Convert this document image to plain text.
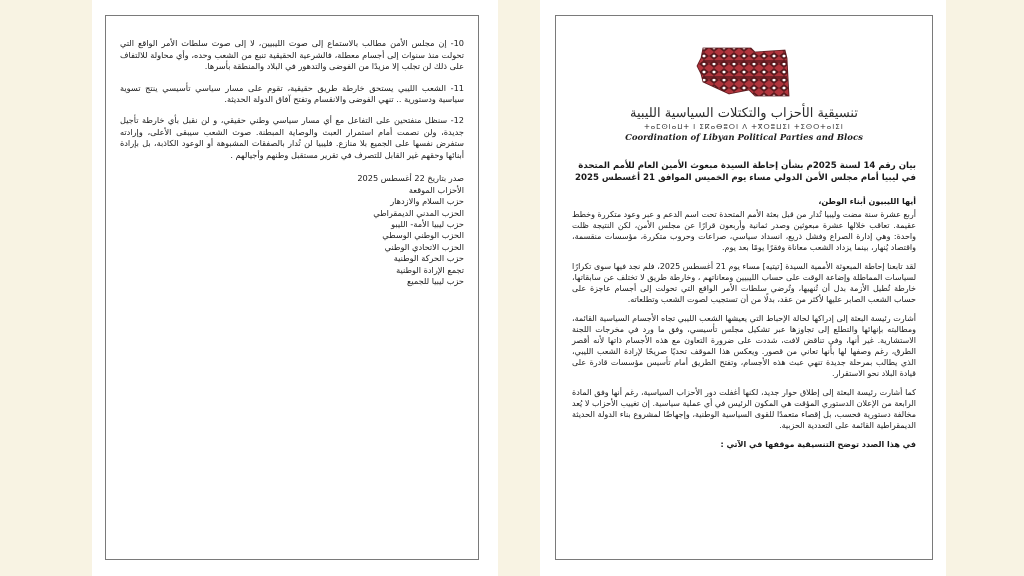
10- إن مجلس الأمن مطالب بالاستماع إلى صوت الليبيين، لا إلى صوت سلطات الأمر الواقع التي تحولت منذ سنوات إلى أجسام معطلة، فالشرعية الحقيقية تنبع من الشعب وحده، وأي محاولة للالتفاف على ذلك لن تجلب إلا مزيدًا من الفوضى والتدهور في البلاد والمنطقة بأسرها.

11- الشعب الليبي يستحق خارطة طريق حقيقية، تقوم على مسار سياسي تأسيسي ينتج تسوية سياسية ودستورية .. تنهي الفوضى والانقسام وتفتح آفاق الدولة الحديثة.

12- سنظل منفتحين على التفاعل مع أي مسار سياسي وطني حقيقي، و لن نقبل بأي خارطة تأجيل جديدة، ولن نصمت أمام استمرار العبث والوصاية المبطنة. صوت الشعب سيبقى الأعلى، وإرادته ستفرض نفسها على الجميع بلا منازع. فليبيا لن تُدار بالصفقات المشبوهة أو الوعود الكاذبة، بل بإرادة أبنائها وحقهم غير القابل للتصرف في تقرير مستقبل وطنهم وأجيالهم .

صدر بتاريخ 22 أغسطس 2025
الأحزاب الموقعة
حزب السلام والازدهار
الحزب المدني الديمقراطي
حزب ليبيا الأمة- الليبو
الحزب الوطني الوسطي
الحزب الاتحادي الوطني
حزب الحركة الوطنية
تجمع الإرادة الوطنية
حزب ليبيا للجميع
تنسيقية الأحزاب والتكتلات السياسية الليبية
ⵜⴰⵎⵙⵏⴰⵡⵜ ⵏ ⵉⴽⴰⴱⵓⵔⵏ ⴷ ⵜⴳⵔⵓⵡⵉⵏ ⵜⵉⵙⵔⵜⴰⵏⵉⵏ
Coordination of Libyan Political Parties and Blocs
بيان رقم 14 لسنة 2025م بشأن إحاطة السيدة مبعوث الأمين العام للأمم المتحدة في ليبيا أمام مجلس الأمن الدولي مساء يوم الخميس الموافق 21 أغسطس 2025
أيها الليبيون أبناء الوطن،

أربع عشرة سنة مضت وليبيا تُدار من قبل بعثة الأمم المتحدة تحت اسم الدعم و عبر وعود متكررة وخطط عقيمة. تعاقب خلالها عشرة مبعوثين وصدر ثمانية وأربعون قرارًا عن مجلس الأمن، لكن النتيجة ظلت واحدة: وهي إدارة الصراع وفشل ذريع، انسداد سياسي، صراعات وحروب متكررة، مؤسسات منقسمة، واقتصاد يُنهار، بينما يزداد الشعب معاناة وفقرًا يومًا بعد يوم.

لقد تابعنا إحاطة المبعوثة الأممية السيدة [تيتيه] مساء يوم 21 أغسطس 2025، فلم نجد فيها سوى تكرارًا لسياسات المماطلة وإضاعة الوقت على حساب الليبيين ومعاناتهم ، وخارطة طريق لا تختلف عن سابقاتها، خارطة تُطيل الأزمة بدل أن تُنهيها، وتُرضي سلطات الأمر الواقع التي تحولت إلى أجسام عاجزة على حساب الشعب الصابر عليها لأكثر من عقد، بدلًا من أن تستجيب لصوت الشعب وتطلعاته.

أشارت رئيسة البعثة إلى إدراكها لحالة الإحباط التي يعيشها الشعب الليبي تجاه الأجسام السياسية القائمة، ومطالبته بإنهائها والتطلع إلى تجاوزها عبر تشكيل مجلس تأسيسي، وفق ما ورد في مخرجات اللجنة الاستشارية. غير أنها، وفي تناقض لافت، شددت على ضرورة التعاون مع هذه الأجسام ذاتها لأنه أقصر الطرق، رغم وصفها لها بأنها تعاني من قصور. ويعكس هذا الموقف تحديًا صريحًا لإرادة الشعب الليبي، الذي يطالب بمرحلة جديدة تنهي عبث هذه الأجسام، وتفتح الطريق أمام تأسيس مؤسسات قادرة على قيادة البلاد نحو الاستقرار.

كما أشارت رئيسة البعثة إلى إطلاق حوار جديد، لكنها أغفلت دور الأحزاب السياسية، رغم أنها وفق المادة الرابعة من الإعلان الدستوري المؤقت هي المكون الرئيس في أي عملية سياسية. إن تغييب الأحزاب لا يُعد مخالفة دستورية فحسب، بل إقصاء متعمدًا للقوى السياسية الوطنية، وإجهاضًا لمشروع بناء الدولة الحديثة الديمقراطية القائمة على التعددية الحزبية.

في هذا الصدد توضح التنسيقية موقفها في الآتي :
